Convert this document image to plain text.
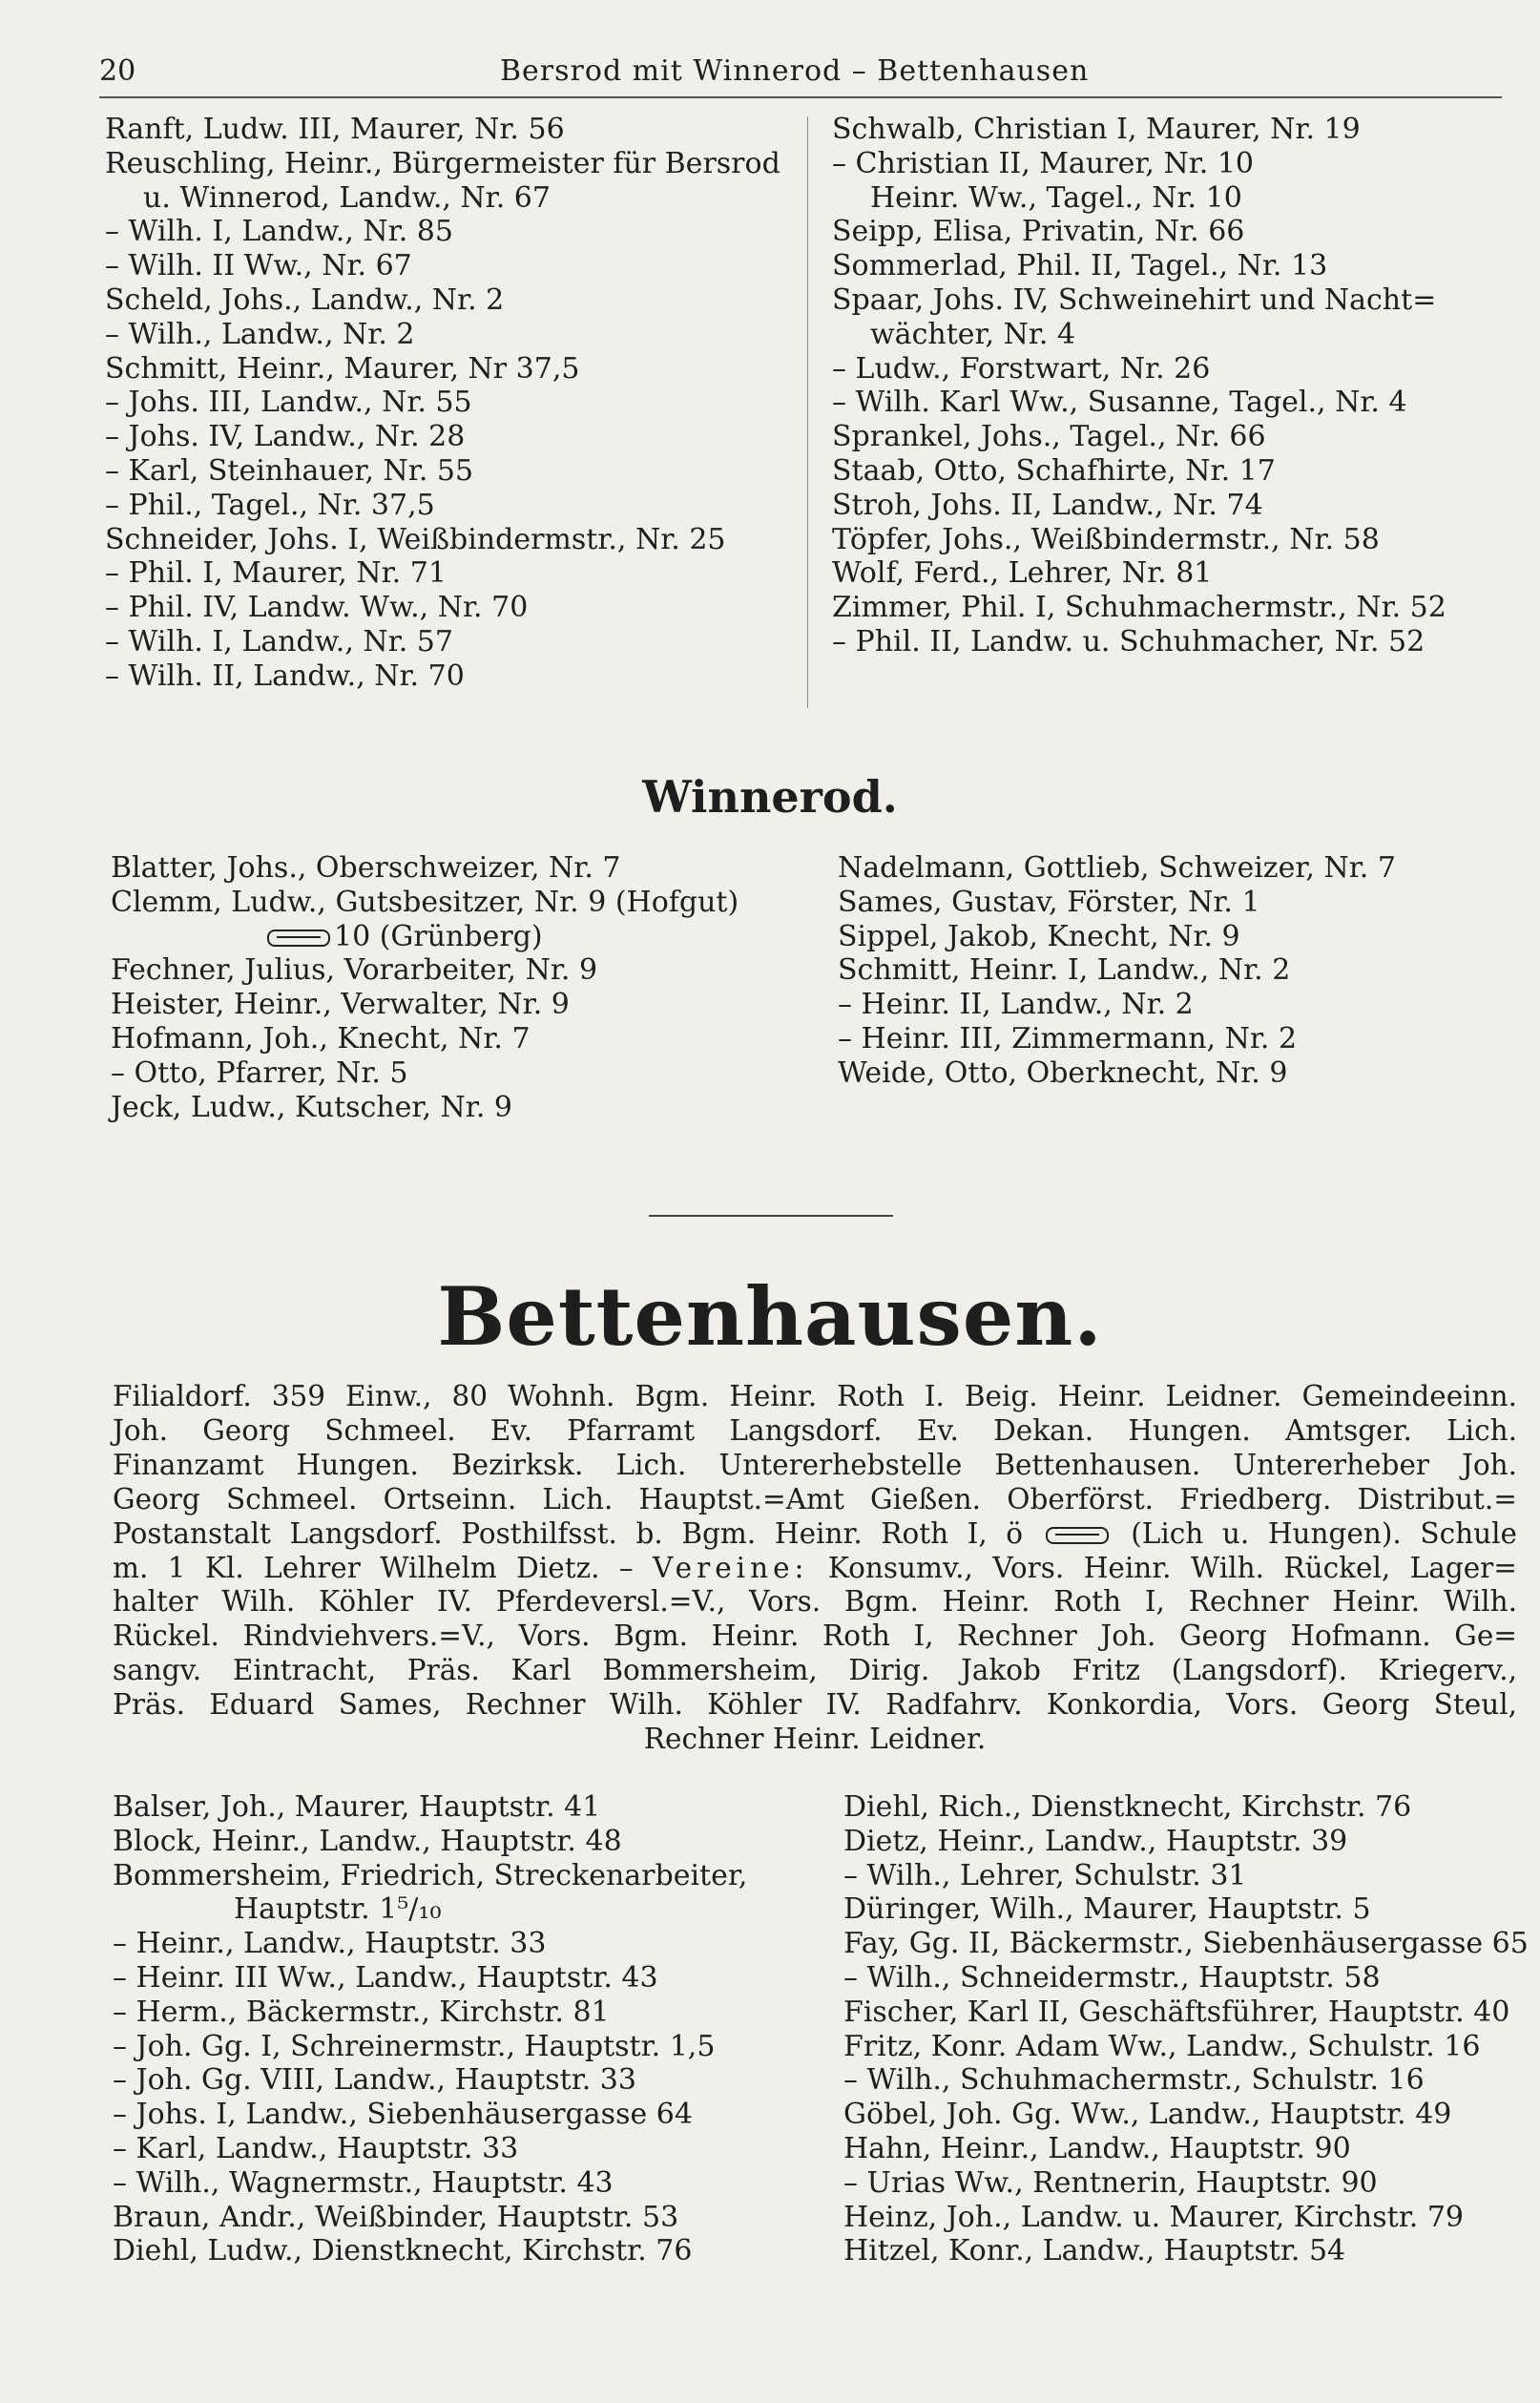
20	Bersrod mit Winnerod – Bettenhausen
Ranft, Ludw. III, Maurer, Nr. 56
Reuschling, Heinr., Bürgermeister für Bersrod
u. Winnerod, Landw., Nr. 67
– Wilh. I, Landw., Nr. 85
– Wilh. II Ww., Nr. 67
Scheld, Johs., Landw., Nr. 2
– Wilh., Landw., Nr. 2
Schmitt, Heinr., Maurer, Nr 37,5
– Johs. III, Landw., Nr. 55
– Johs. IV, Landw., Nr. 28
– Karl, Steinhauer, Nr. 55
– Phil., Tagel., Nr. 37,5
Schneider, Johs. I, Weißbindermstr., Nr. 25
– Phil. I, Maurer, Nr. 71
– Phil. IV, Landw. Ww., Nr. 70
– Wilh. I, Landw., Nr. 57
– Wilh. II, Landw., Nr. 70
Schwalb, Christian I, Maurer, Nr. 19
– Christian II, Maurer, Nr. 10
Heinr. Ww., Tagel., Nr. 10
Seipp, Elisa, Privatin, Nr. 66
Sommerlad, Phil. II, Tagel., Nr. 13
Spaar, Johs. IV, Schweinehirt und Nacht=
wächter, Nr. 4
– Ludw., Forstwart, Nr. 26
– Wilh. Karl Ww., Susanne, Tagel., Nr. 4
Sprankel, Johs., Tagel., Nr. 66
Staab, Otto, Schafhirte, Nr. 17
Stroh, Johs. II, Landw., Nr. 74
Töpfer, Johs., Weißbindermstr., Nr. 58
Wolf, Ferd., Lehrer, Nr. 81
Zimmer, Phil. I, Schuhmachermstr., Nr. 52
– Phil. II, Landw. u. Schuhmacher, Nr. 52
Winnerod.
Blatter, Johs., Oberschweizer, Nr. 7
Clemm, Ludw., Gutsbesitzer, Nr. 9 (Hofgut)
10 (Grünberg)
Fechner, Julius, Vorarbeiter, Nr. 9
Heister, Heinr., Verwalter, Nr. 9
Hofmann, Joh., Knecht, Nr. 7
– Otto, Pfarrer, Nr. 5
Jeck, Ludw., Kutscher, Nr. 9
Nadelmann, Gottlieb, Schweizer, Nr. 7
Sames, Gustav, Förster, Nr. 1
Sippel, Jakob, Knecht, Nr. 9
Schmitt, Heinr. I, Landw., Nr. 2
– Heinr. II, Landw., Nr. 2
– Heinr. III, Zimmermann, Nr. 2
Weide, Otto, Oberknecht, Nr. 9
Bettenhausen.
Filialdorf. 359 Einw., 80 Wohnh. Bgm. Heinr. Roth I. Beig. Heinr. Leidner. Gemeindeeinn.
Joh. Georg Schmeel. Ev. Pfarramt Langsdorf. Ev. Dekan. Hungen. Amtsger. Lich.
Finanzamt Hungen. Bezirksk. Lich. Untererhebstelle Bettenhausen. Untererheber Joh.
Georg Schmeel. Ortseinn. Lich. Hauptst.=Amt Gießen. Oberförst. Friedberg. Distribut.=
Postanstalt Langsdorf. Posthilfsst. b. Bgm. Heinr. Roth I, ö	(Lich u. Hungen). Schule
m. 1 Kl. Lehrer Wilhelm Dietz. – Vereine: Konsumv., Vors. Heinr. Wilh. Rückel, Lager=
halter Wilh. Köhler IV. Pferdeversl.=V., Vors. Bgm. Heinr. Roth I, Rechner Heinr. Wilh.
Rückel. Rindviehvers.=V., Vors. Bgm. Heinr. Roth I, Rechner Joh. Georg Hofmann. Ge=
sangv. Eintracht, Präs. Karl Bommersheim, Dirig. Jakob Fritz (Langsdorf). Kriegerv.,
Präs. Eduard Sames, Rechner Wilh. Köhler IV. Radfahrv. Konkordia, Vors. Georg Steul,
Rechner Heinr. Leidner.
Balser, Joh., Maurer, Hauptstr. 41
Block, Heinr., Landw., Hauptstr. 48
Bommersheim, Friedrich, Streckenarbeiter,
Hauptstr. 1⁵/₁₀
– Heinr., Landw., Hauptstr. 33
– Heinr. III Ww., Landw., Hauptstr. 43
– Herm., Bäckermstr., Kirchstr. 81
– Joh. Gg. I, Schreinermstr., Hauptstr. 1,5
– Joh. Gg. VIII, Landw., Hauptstr. 33
– Johs. I, Landw., Siebenhäusergasse 64
– Karl, Landw., Hauptstr. 33
– Wilh., Wagnermstr., Hauptstr. 43
Braun, Andr., Weißbinder, Hauptstr. 53
Diehl, Ludw., Dienstknecht, Kirchstr. 76
Diehl, Rich., Dienstknecht, Kirchstr. 76
Dietz, Heinr., Landw., Hauptstr. 39
– Wilh., Lehrer, Schulstr. 31
Düringer, Wilh., Maurer, Hauptstr. 5
Fay, Gg. II, Bäckermstr., Siebenhäusergasse 65
– Wilh., Schneidermstr., Hauptstr. 58
Fischer, Karl II, Geschäftsführer, Hauptstr. 40
Fritz, Konr. Adam Ww., Landw., Schulstr. 16
– Wilh., Schuhmachermstr., Schulstr. 16
Göbel, Joh. Gg. Ww., Landw., Hauptstr. 49
Hahn, Heinr., Landw., Hauptstr. 90
– Urias Ww., Rentnerin, Hauptstr. 90
Heinz, Joh., Landw. u. Maurer, Kirchstr. 79
Hitzel, Konr., Landw., Hauptstr. 54
